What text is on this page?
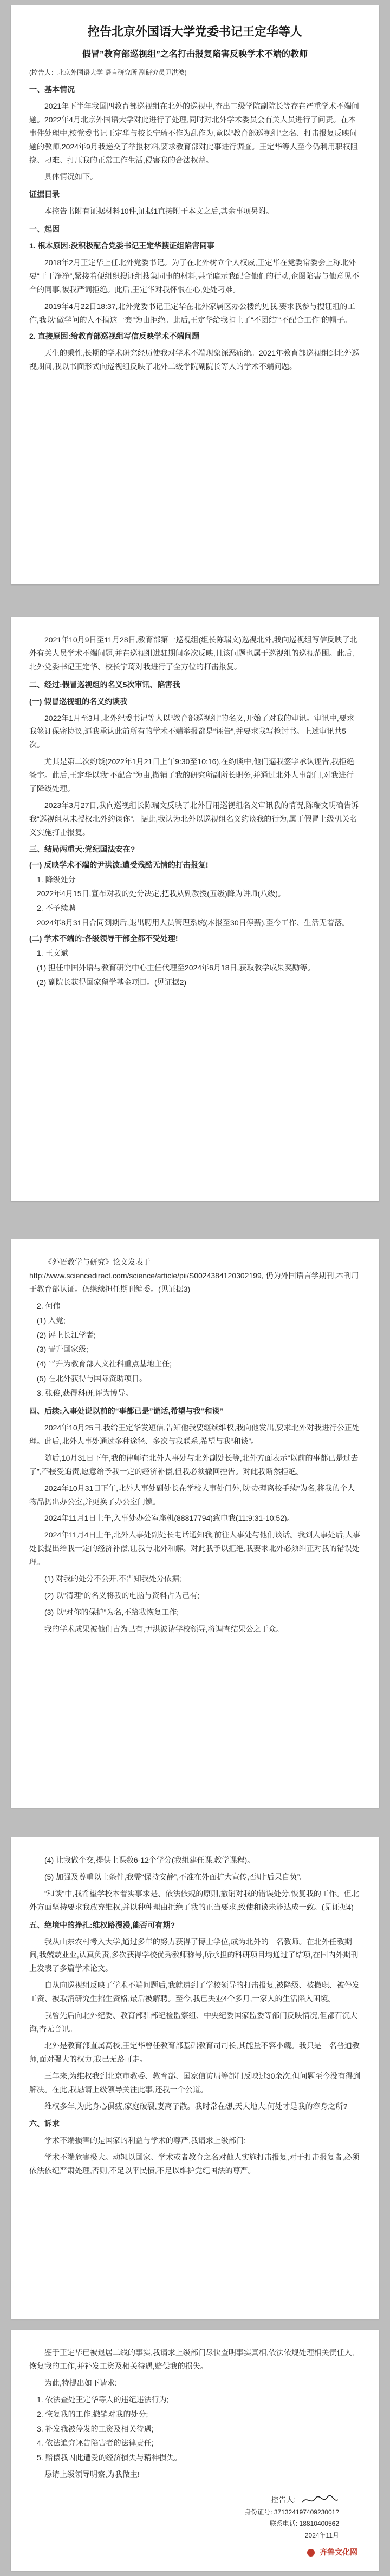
控告北京外国语大学党委书记王定华等人
假冒”教育部巡视组”之名打击报复陷害反映学术不端的教师
(控告人：北京外国语大学 语言研究所 副研究员尹洪波)
一、基本情况
2021年下半年我国四教育部巡视组在北外的巡视中,查出二级学院副院长等存在严重学术不端问题。2022年4月北京外国语大学对此进行了处理,同时对北外学术委员会有关人员进行了问责。在本事件处理中,校党委书记王定华与校长宁琦不作为乱作为,竟以“教育部巡视组”之名、打击报复反映问题的教师,2024年9月我递交了举报材料,要求教育部对此事进行调查。王定华等人至今仍利用职权阻挠、刁难、打压我的正常工作生活,侵害我的合法权益。
具体情况如下。
证据目录
本控告书附有证据材料10件,证据1直接附于本文之后,其余事项另附。
一、起因
1. 根本原因:没积极配合党委书记王定华搜证组陷害同事
2018年2月王定华上任北外党委书记。为了在北外树立个人权威,王定华在党委常委会上称北外要“干干净净”,紧接着便组织搜证组搜集同事的材料,甚至暗示我配合他们的行动,企图陷害与他意见不合的同事,被我严词拒绝。此后,王定华对我怀恨在心,处处刁难。
2019年4月22日18:37,北外党委书记王定华在北外家属区办公楼约见我,要求我参与搜证组的工作,我以“做学问的人不搞这一套”为由拒绝。此后,王定华给我扣上了“不团结”“不配合工作”的帽子。
2. 直接原因:给教育部巡视组写信反映学术不端问题
天生的秉性,长期的学术研究经历使我对学术不端现象深恶痛绝。2021年教育部巡视组到北外巡视期间,我以书面形式向巡视组反映了北外二级学院副院长等人的学术不端问题。
2021年10月9日至11月28日,教育部第一巡视组(组长陈瑞文)巡视北外,我向巡视组写信反映了北外有关人员学术不端问题,并在巡视组进驻期间多次反映,且该问题也属于巡视组的巡视范围。此后,北外党委书记王定华、校长宁琦对我进行了全方位的打击报复。
二、经过:假冒巡视组的名义5次审讯、陷害我
(一) 假冒巡视组的名义约谈我
2022年1月至3月,北外纪委书记等人以“教育部巡视组”的名义,开始了对我的审讯。审讯中,要求我签订保密协议,逼我承认此前所有的学术不端举报都是“诬告”,并要求我写检讨书。上述审讯共5次。
尤其是第二次约谈(2022年1月21日上午9:30至10:16),在约谈中,他们逼我签字承认诬告,我拒绝签字。此后,王定华以我“不配合”为由,撤销了我的研究所副所长职务,并通过北外人事部门,对我进行了降级处理。
2023年3月27日,我向巡视组长陈瑞文反映了北外冒用巡视组名义审讯我的情况,陈瑞文明确告诉我“巡视组从未授权北外约谈你”。据此,我认为北外以巡视组名义约谈我的行为,属于假冒上级机关名义实施打击报复。
三、结局两重天:党纪国法安在?
(一) 反映学术不端的尹洪波:遭受残酷无情的打击报复!
1. 降级处分
2022年4月15日,宣布对我的处分决定,把我从副教授(五级)降为讲师(八级)。
2. 不予续聘
2024年8月31日合同到期后,退出聘用人员管理系统(本报至30日停薪),至今工作、生活无着落。
(二) 学术不端的:各级领导干部全都不受处理!
1. 王文斌
(1) 担任中国外语与教育研究中心主任代理至2024年6月18日,获取教学成果奖励等。
(2) 副院长获得国家留学基金项目。(见证据2)
《外语教学与研究》论文发表于 http://www.sciencedirect.com/science/article/pii/S0024384120302199, 仍为外国语言学期刊,本刊用于教育部认证。仍继续担任期刊编委。(见证据3)
2. 何伟
(1) 入党;
(2) 评上长江学者;
(3) 晋升国家级;
(4) 晋升为教育部人文社科重点基地主任;
(5) 在北外获得与国际资助项目。
3. 张俊,获得科研,评为博导。
四、后续:入事处说以前的“事都已是”谎话,希望与我“和谈”
2024年10月25日,我给王定华发短信,告知他我要继续维权,我向他发出,要求北外对我进行公正处理。此后,北外人事处通过多种途径、多次与我联系,希望与我“和谈”。
随后,10月31日下午,我的律师在北外人事处与北外副处长等,北外方面表示“以前的事都已是过去了”,不接受追责,愿意给予我一定的经济补偿,但我必须撤回控告。对此我断然拒绝。
2024年10月31日下午,北外人事处副处长在学校人事处门外,以“办理离校手续”为名,将我的个人物品扔出办公室,并更换了办公室门锁。
2024年11月1日上午,入事处办公室座机(88817794)致电我(11:9:31-10:52)。
2024年11月4日上午,北外人事处副处长电话通知我,前往人事处与他们谈话。我到人事处后,人事处长提出给我一定的经济补偿,让我与北外和解。对此我予以拒绝,我要求北外必须纠正对我的错误处理。
(1) 对我的处分不公开,不告知我处分依据;
(2) 以“清理”的名义将我的电脑与资料占为己有;
(3) 以“对你的保护”为名,不给我恢复工作;
我的学术成果被他们占为己有,尹洪波请学校领导,将调查结果公之于众。
(4) 让我做个交,提供上课数6-12个学分(我组建任课,教学课程)。
(5) 加强及尊重以上条件,我需“保持安静”,不准在外面扩大宣传,否则“后果自负”。
“和谈”中,我希望学校本着实事求是、依法依规的原则,撤销对我的错误处分,恢复我的工作。但北外方面坚持要求我放弃维权,并以种种理由拒绝了我的正当要求,致使和谈未能达成一致。(见证据4)
五、绝境中的挣扎:维权路漫漫,能否可有期?
我从山东农村考入大学,通过多年的努力获得了博士学位,成为北外的一名教师。在北外任教期间,我兢兢业业,认真负责,多次获得学校优秀教师称号,所承担的科研项目均通过了结项,在国内外期刊上发表了多篇学术论文。
自从向巡视组反映了学术不端问题后,我就遭到了学校领导的打击报复,被降级、被撤职、被停发工资、被取消研究生招生资格,最后被解聘。至今,我已失业4个多月,一家人的生活陷入困境。
我曾先后向北外纪委、教育部驻部纪检监察组、中央纪委国家监委等部门反映情况,但都石沉大海,杳无音讯。
北外是教育部直属高校,王定华曾任教育部基础教育司司长,其能量不容小觑。我只是一名普通教师,面对强大的权力,我已无路可走。
三年来,为维权我到北京市教委、教育部、国家信访局等部门反映过30余次,但问题至今没有得到解决。在此,我恳请上级领导关注此事,还我一个公道。
维权多年,为此身心俱疲,家庭破裂,妻离子散。我时常在想,天大地大,何处才是我的容身之所?
六、诉求
学术不端损害的是国家的利益与学术的尊严,我请求上级部门:
学术不端危害极大。动辄以国家、学术或者教育之名对他人实施打击报复,对于打击报复者,必须依法依纪严肃处理,否则,不足以平民愤,不足以维护党纪国法的尊严。
鉴于王定华已被退居二线的事实,我请求上级部门尽快查明事实真相,依法依规处理相关责任人,恢复我的工作,并补发工资及相关待遇,赔偿我的损失。
为此,特提出如下请求:
1. 依法查处王定华等人的违纪违法行为;
2. 恢复我的工作,撤销对我的处分;
3. 补发我被停发的工资及相关待遇;
4. 依法追究诬告陷害者的法律责任;
5. 赔偿我因此遭受的经济损失与精神损失。
恳请上级领导明察,为我做主!
控告人:
身份证号: 37132419740923001?
联系电话: 18810400562
2024年11月
齐鲁文化网
